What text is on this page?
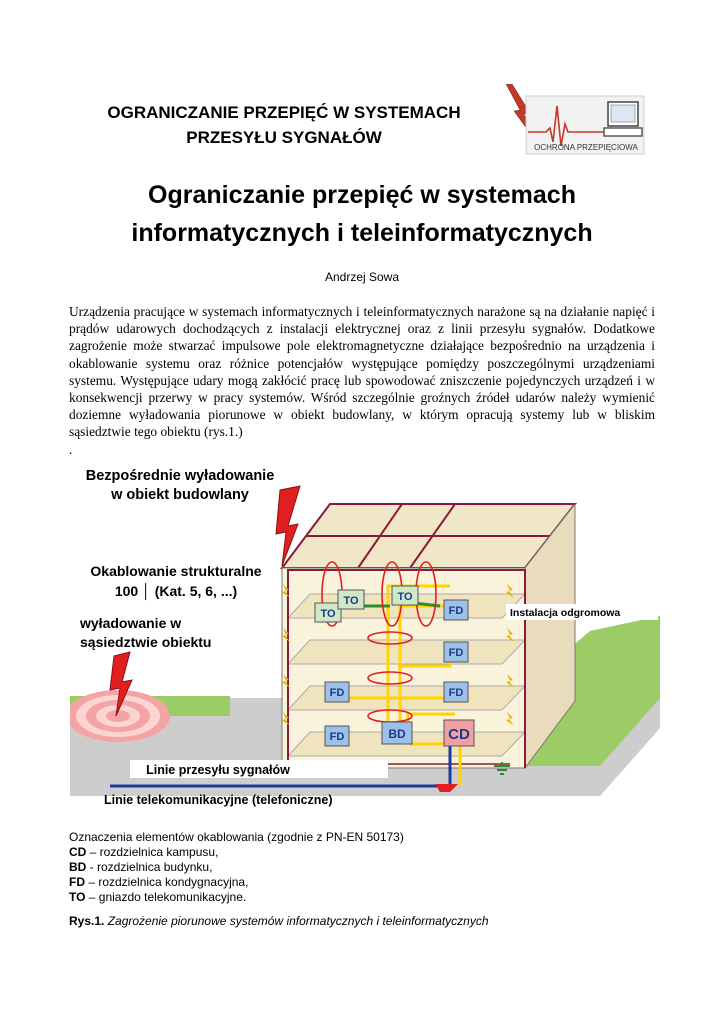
OGRANICZANIE PRZEPIĘĆ W SYSTEMACH
PRZESYŁU SYGNAŁÓW
OCHRONA PRZEPIĘCIOWA
Ograniczanie przepięć w systemach
informatycznych i teleinformatycznych
Andrzej Sowa
Urządzenia pracujące w systemach informatycznych i teleinformatycznych narażone są na działanie napięć i prądów udarowych dochodzących z instalacji elektrycznej oraz z linii przesyłu sygnałów. Dodatkowe zagrożenie może stwarzać impulsowe pole elektromagnetyczne działające bezpośrednio na urządzenia i okablowanie systemu oraz różnice potencjałów występujące pomiędzy poszczególnymi urządzeniami systemu. Występujące udary mogą zakłócić pracę lub spowodować zniszczenie pojedynczych urządzeń i w konsekwencji przerwy w pracy systemów. Wśród szczególnie groźnych źródeł udarów należy wymienić doziemne wyładowania piorunowe w obiekt budowlany, w którym opracują systemy lub w bliskim sąsiedztwie tego obiektu (rys.1.)
.
TO
TO	TO
FD
FD
FD	FD
FD	BD	CD
Bezpośrednie wyładowanie
w obiekt budowlany
Okablowanie strukturalne
100 │ (Kat. 5, 6, ...)
wyładowanie w
sąsiedztwie obiektu
Instalacja odgromowa
Linie przesyłu sygnałów
Linie telekomunikacyjne (telefoniczne)
Oznaczenia elementów okablowania (zgodnie z PN-EN 50173)
CD – rozdzielnica kampusu,
BD - rozdzielnica budynku,
FD – rozdzielnica kondygnacyjna,
TO – gniazdo telekomunikacyjne.
Rys.1. Zagrożenie piorunowe systemów informatycznych i teleinformatycznych
